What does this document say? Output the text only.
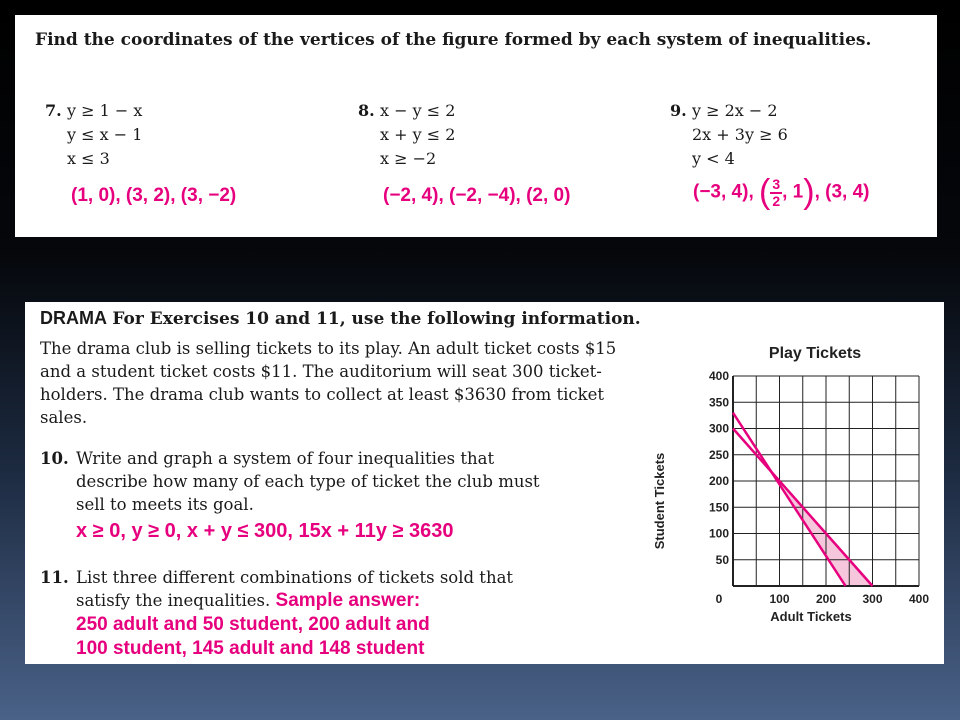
Find the coordinates of the vertices of the figure formed by each system of inequalities.
7. y ≥ 1 − x
y ≤ x − 1
x ≤ 3
(1, 0), (3, 2), (3, −2)
8. x − y ≤ 2
x + y ≤ 2
x ≥ −2
(−2, 4), (−2, −4), (2, 0)
9. y ≥ 2x − 2
2x + 3y ≥ 6
y < 4
(−3, 4), ( $\frac{3}{2}$ , 1), (3, 4)
DRAMA For Exercises 10 and 11, use the following information.
The drama club is selling tickets to its play. An adult ticket costs $15 and a student ticket costs $11. The auditorium will seat 300 ticket-holders. The drama club wants to collect at least $3630 from ticket sales.
10. Write and graph a system of four inequalities that
describe how many of each type of ticket the club must
sell to meets its goal.
x ≥ 0, y ≥ 0, x + y ≤ 300, 15x + 11y ≥ 3630
11. List three different combinations of tickets sold that
satisfy the inequalities. Sample answer:
250 adult and 50 student, 200 adult and
100 student, 145 adult and 148 student
Play Tickets
0	100 200 300 400
50
100
150
200
250
300
350
400
Adult Tickets
Student Tickets
